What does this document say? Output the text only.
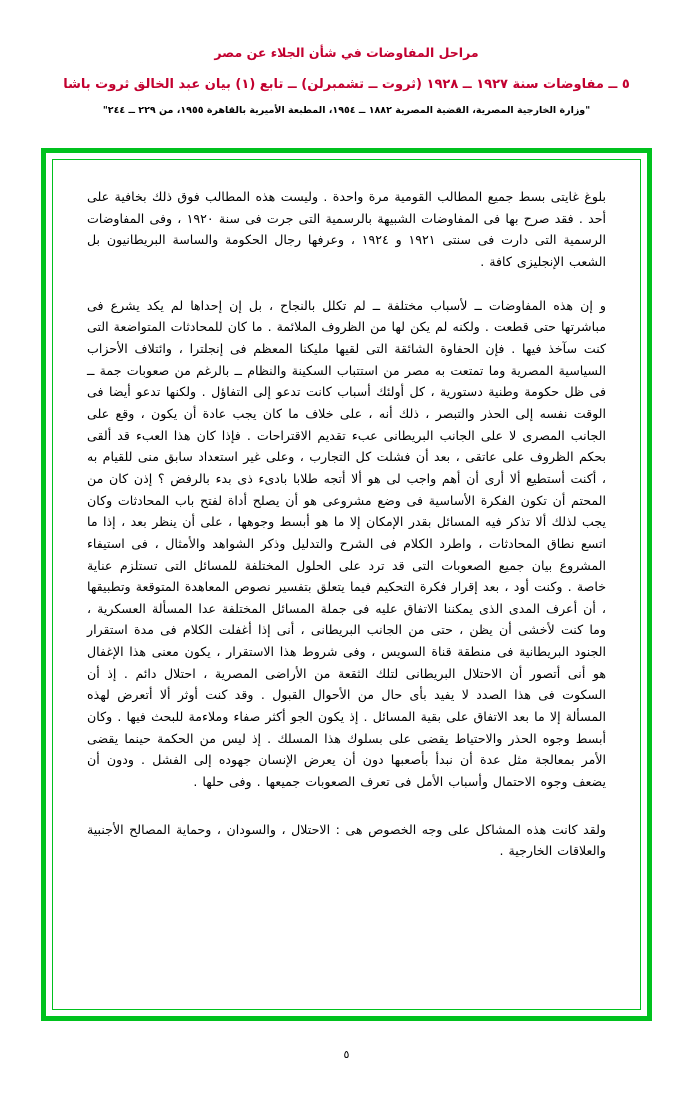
مراحل المفاوضات في شأن الجلاء عن مصر
٥ ــ مفاوضات سنة ١٩٢٧ ــ ١٩٢٨ (ثروت ــ تشمبرلن) ــ تابع (١) بيان عبد الخالق ثروت باشا
"وزارة الخارجية المصرية، القضية المصرية ١٨٨٢ ــ ١٩٥٤، المطبعة الأميرية بالقاهرة ١٩٥٥، من ٢٢٩ ــ ٢٤٤"

بلوغ غايتى بسط جميع المطالب القومية مرة واحدة . وليست هذه المطالب فوق ذلك بخافية على أحد . فقد صرح بها فى المفاوضات الشبيهة بالرسمية التى جرت فى سنة ١٩٢٠ ، وفى المفاوضات الرسمية التى دارت فى سنتى ١٩٢١ و ١٩٢٤ ، وعرفها رجال الحكومة والساسة البريطانيون بل الشعب الإنجليزى كافة .

و إن هذه المفاوضات ــ لأسباب مختلفة ــ لم تكلل بالنجاح ، بل إن إحداها لم يكد يشرع فى مباشرتها حتى قطعت . ولكنه لم يكن لها من الظروف الملائمة . ما كان للمحادثات المتواضعة التى كنت سآخذ فيها . فإن الحفاوة الشائقة التى لقيها مليكنا المعظم فى إنجلترا ، وائتلاف الأحزاب السياسية المصرية وما تمتعت به مصر من استتباب السكينة والنظام ــ بالرغم من صعوبات جمة ــ فى ظل حكومة وطنية دستورية ، كل أولئك أسباب كانت تدعو إلى التفاؤل . ولكنها تدعو أيضا فى الوقت نفسه إلى الحذر والتبصر ، ذلك أنه ، على خلاف ما كان يجب عادة أن يكون ، وقع على الجانب المصرى لا على الجانب البريطانى عبء تقديم الاقتراحات . فإذا كان هذا العبء قد ألقى بحكم الظروف على عاتقى ، بعد أن فشلت كل التجارب ، وعلى غير استعداد سابق منى للقيام به ، أكنت أستطيع ألا أرى أن أهم واجب لى هو ألا أتجه طلابا بادىء ذى بدء بالرفض ؟ إذن كان من المحتم أن تكون الفكرة الأساسية فى وضع مشروعى هو أن يصلح أداة لفتح باب المحادثات وكان يجب لذلك ألا تذكر فيه المسائل بقدر الإمكان إلا ما هو أبسط وجوهها ، على أن ينظر بعد ، إذا ما اتسع نطاق المحادثات ، واطرد الكلام فى الشرح والتدليل وذكر الشواهد والأمثال ، فى استيفاء المشروع بيان جميع الصعوبات التى قد ترد على الحلول المختلفة للمسائل التى تستلزم عناية خاصة . وكنت أود ، بعد إقرار فكرة التحكيم فيما يتعلق بتفسير نصوص المعاهدة المتوقعة وتطبيقها ، أن أعرف المدى الذى يمكننا الاتفاق عليه فى جملة المسائل المختلفة عدا المسألة العسكرية ، وما كنت لأخشى أن يظن ، حتى من الجانب البريطانى ، أنى إذا أغفلت الكلام فى مدة استقرار الجنود البريطانية فى منطقة قناة السويس ، وفى شروط هذا الاستقرار ، يكون معنى هذا الإغفال هو أنى أتصور أن الاحتلال البريطانى لتلك الثقعة من الأراضى المصرية ، احتلال دائم . إذ أن السكوت فى هذا الصدد لا يفيد بأى حال من الأحوال القبول . وقد كنت أوثر ألا أتعرض لهذه المسألة إلا ما بعد الاتفاق على بقية المسائل . إذ يكون الجو أكثر صفاء وملاءمة للبحث فيها . وكان أبسط وجوه الحذر والاحتياط يقضى على بسلوك هذا المسلك . إذ ليس من الحكمة حينما يقضى الأمر بمعالجة مثل عدة أن نبدأ بأصعبها دون أن يعرض الإنسان جهوده إلى الفشل . ودون أن يضعف وجوه الاحتمال وأسباب الأمل فى تعرف الصعوبات جميعها . وفى حلها .

ولقد كانت هذه المشاكل على وجه الخصوص هى : الاحتلال ، والسودان ، وحماية المصالح الأجنبية والعلاقات الخارجية .

٥
